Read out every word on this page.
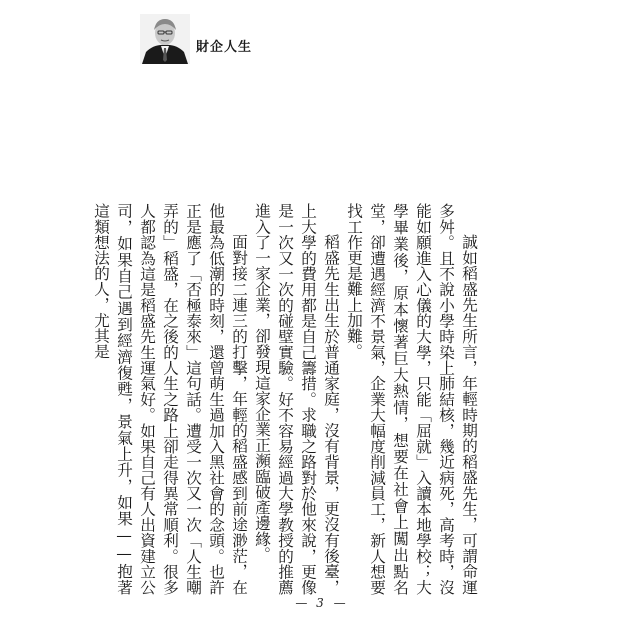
財企人生

誠如稻盛先生所言，年輕時期的稻盛先生，可謂命運多舛。且不說小學時染上肺結核，幾近病死，高考時，沒能如願進入心儀的大學，只能「屈就」入讀本地學校；大學畢業後，原本懷著巨大熱情，想要在社會上闖出點名堂，卻遭遇經濟不景氣，企業大幅度削減員工，新人想要找工作更是難上加難。

稻盛先生出生於普通家庭，沒有背景，更沒有後臺，上大學的費用都是自己籌措。求職之路對於他來說，更像是一次又一次的碰壁實驗。好不容易經過大學教授的推薦進入了一家企業，卻發現這家企業正瀕臨破產邊緣。

面對接二連三的打擊，年輕的稻盛感到前途渺茫，在他最為低潮的時刻，還曾萌生過加入黑社會的念頭。也許正是應了「否極泰來」這句話。遭受一次又一次「人生嘲弄的」稻盛，在之後的人生之路上卻走得異常順利。很多人都認為這是稻盛先生運氣好。如果自己有人出資建立公司，如果自己遇到經濟復甦，景氣上升，如果——抱著這類想法的人，尤其是

— 3 —
